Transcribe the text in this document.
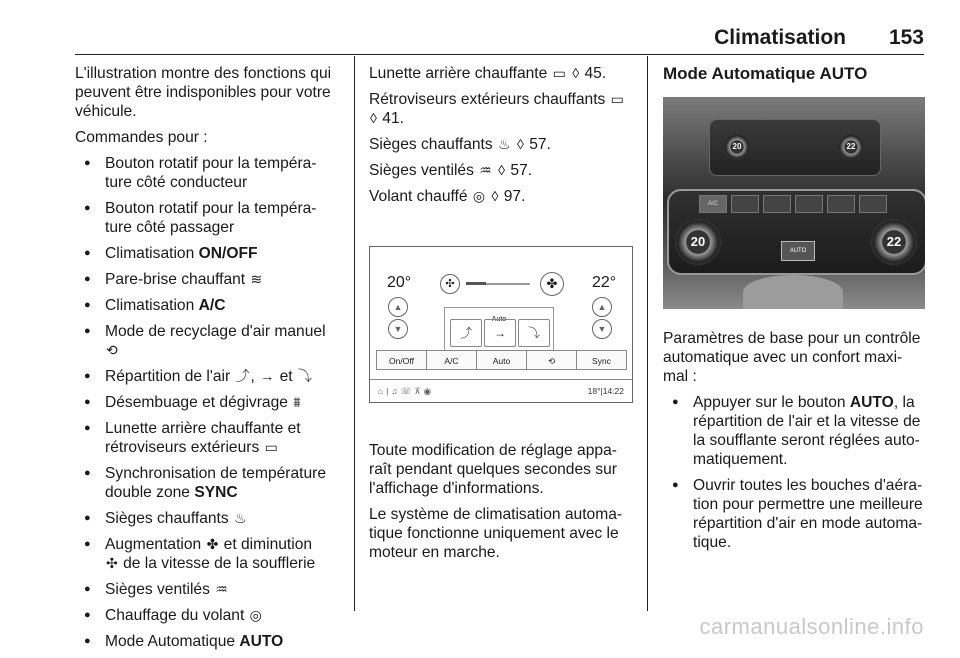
Climatisation 153

L'illustration montre des fonctions qui peuvent être indisponibles pour votre véhicule.

Commandes pour :

● Bouton rotatif pour la tempéra-ture côté conducteur
● Bouton rotatif pour la tempéra-ture côté passager
● Climatisation ON/OFF
● Pare-brise chauffant ≋
● Climatisation A/C
● Mode de recyclage d'air manuel
⟲
● Répartition de l'air ⤴, → et ⤵
● Désembuage et dégivrage ⩩
● Lunette arrière chauffante et rétroviseurs extérieurs ▭
● Synchronisation de température double zone SYNC
● Sièges chauffants ♨
● Augmentation ✤ et diminution
✣ de la vitesse de la soufflerie
● Sièges ventilés ♒
● Chauffage du volant ◎
● Mode Automatique AUTO

Lunette arrière chauffante ▭ ◊ 45.

Rétroviseurs extérieurs chauffants ▭
◊ 41.

Sièges chauffants ♨ ◊ 57.

Sièges ventilés ♒ ◊ 57.

Volant chauffé ◎ ◊ 97.

20°	22°
▲
▼
▲
▼
✣	✤
Auto
⤴	→	⤵
On/Off	A/C	Auto	⟲	Sync
⌂|♫☏⊼◉	18°|14:22

Toute modification de réglage appa-raît pendant quelques secondes sur l'affichage d'informations.

Le système de climatisation automa-tique fonctionne uniquement avec le moteur en marche.

Mode Automatique AUTO
20	22
A/C
20	22
AUTO

Paramètres de base pour un contrôle automatique avec un confort maxi-mal :

● Appuyer sur le bouton AUTO, la répartition de l'air et la vitesse de la soufflante seront réglées auto-matiquement.
● Ouvrir toutes les bouches d'aéra-tion pour permettre une meilleure répartition d'air en mode automa-tique.
carmanualsonline.info
